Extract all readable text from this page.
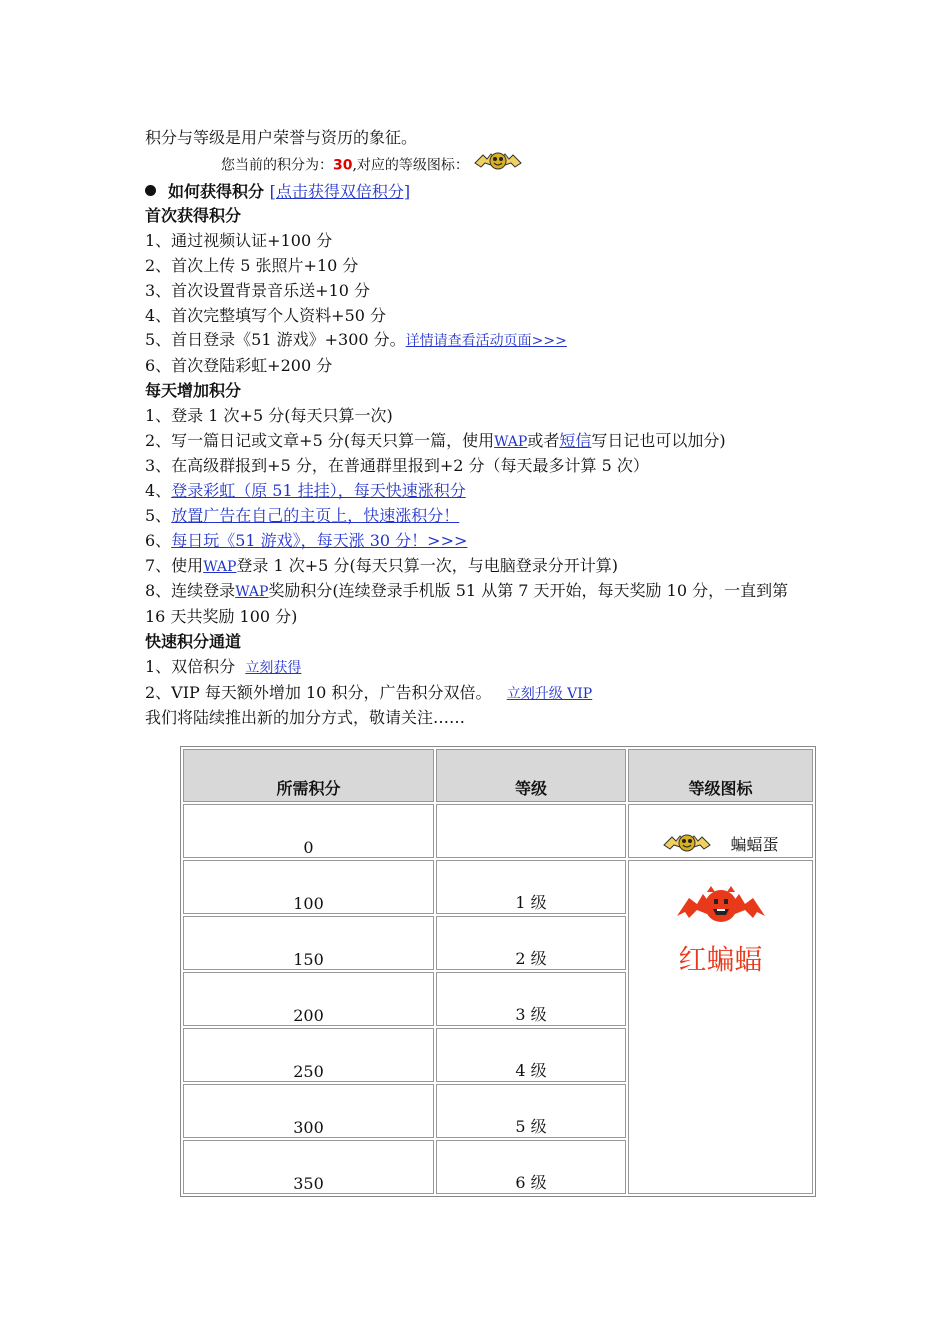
积分与等级是用户荣誉与资历的象征。
您当前的积分为：30,对应的等级图标：
如何获得积分 [点击获得双倍积分]
首次获得积分
1、通过视频认证+100 分
2、首次上传 5 张照片+10 分
3、首次设置背景音乐送+10 分
4、首次完整填写个人资料+50 分
5、首日登录《51 游戏》+300 分。详情请查看活动页面>>>
6、首次登陆彩虹+200 分
每天增加积分
1、登录 1 次+5 分(每天只算一次)
2、写一篇日记或文章+5 分(每天只算一篇，使用WAP或者短信写日记也可以加分)
3、在高级群报到+5 分，在普通群里报到+2 分（每天最多计算 5 次）
4、登录彩虹（原 51 挂挂），每天快速涨积分
5、放置广告在自己的主页上，快速涨积分！
6、每日玩《51 游戏》，每天涨 30 分！>>>
7、使用WAP登录 1 次+5 分(每天只算一次，与电脑登录分开计算)
8、连续登录WAP奖励积分(连续登录手机版 51 从第 7 天开始，每天奖励 10 分，一直到第 16 天共奖励 100 分)
快速积分通道
1、双倍积分 立刻获得
2、VIP 每天额外增加 10 积分，广告积分双倍。 立刻升级 VIP
我们将陆续推出新的加分方式，敬请关注……
所需积分	等级	等级图标
0		蝙蝠蛋
100	1 级	红蝙蝠

150	2 级	
200	3 级	
250	4 级	
300	5 级	
350	6 级	
